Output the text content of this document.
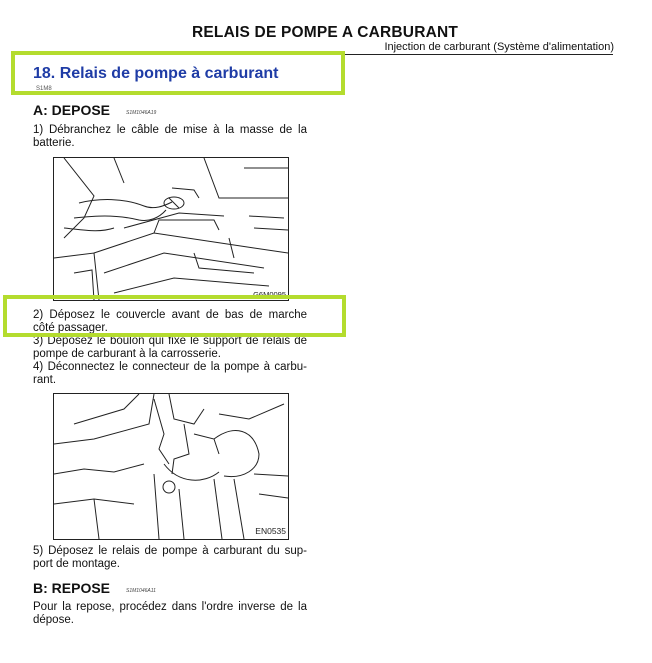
RELAIS DE POMPE A CARBURANT
Injection de carburant (Système d'alimentation)
18. Relais de pompe à carburant
S1M8
A: DEPOSE	S1M1046A19
1) Débranchez le câble de mise à la masse de la
batterie.
G6M0095
2) Déposez le couvercle avant de bas de marche
côté passager.
3) Déposez le boulon qui fixe le support de relais de
pompe de carburant à la carrosserie.
4) Déconnectez le connecteur de la pompe à carbu-
rant.
EN0535
5) Déposez le relais de pompe à carburant du sup-
port de montage.
B: REPOSE	S1M1046A11
Pour la repose, procédez dans l'ordre inverse de la
dépose.
